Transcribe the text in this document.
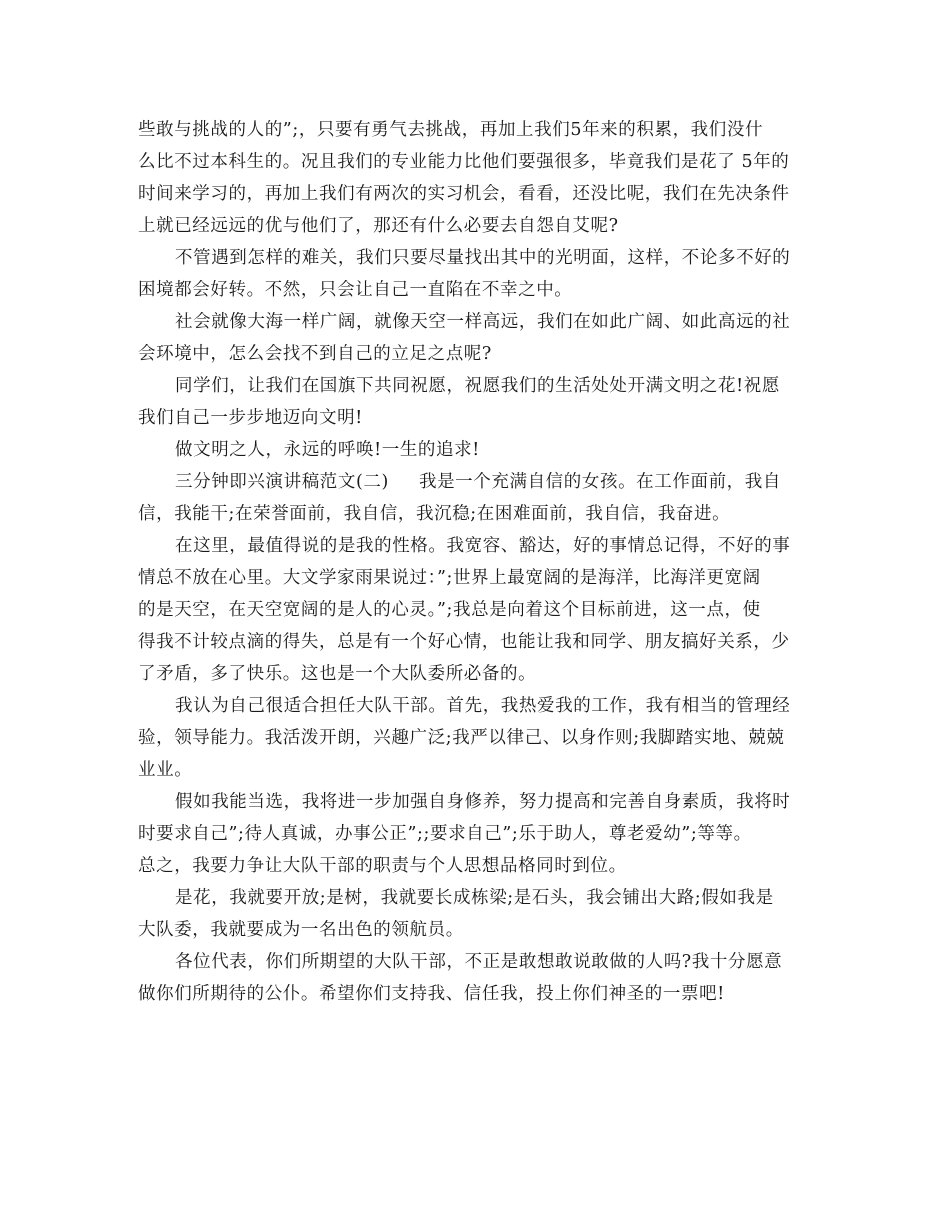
些敢与挑战的人的”;，只要有勇气去挑战，再加上我们5年来的积累，我们没什
么比不过本科生的。况且我们的专业能力比他们要强很多，毕竟我们是花了 5年的
时间来学习的，再加上我们有两次的实习机会，看看，还没比呢，我们在先决条件
上就已经远远的优与他们了，那还有什么必要去自怨自艾呢?
不管遇到怎样的难关，我们只要尽量找出其中的光明面，这样，不论多不好的
困境都会好转。不然，只会让自己一直陷在不幸之中。
社会就像大海一样广阔，就像天空一样高远，我们在如此广阔、如此高远的社
会环境中，怎么会找不到自己的立足之点呢?
同学们，让我们在国旗下共同祝愿，祝愿我们的生活处处开满文明之花!祝愿
我们自己一步步地迈向文明!
做文明之人，永远的呼唤!一生的追求!
三分钟即兴演讲稿范文(二) 我是一个充满自信的女孩。在工作面前，我自
信，我能干;在荣誉面前，我自信，我沉稳;在困难面前，我自信，我奋进。
在这里，最值得说的是我的性格。我宽容、豁达，好的事情总记得，不好的事
情总不放在心里。大文学家雨果说过：”;世界上最宽阔的是海洋，比海洋更宽阔
的是天空，在天空宽阔的是人的心灵。”;我总是向着这个目标前进，这一点，使
得我不计较点滴的得失，总是有一个好心情，也能让我和同学、朋友搞好关系，少
了矛盾，多了快乐。这也是一个大队委所必备的。
我认为自己很适合担任大队干部。首先，我热爱我的工作，我有相当的管理经
验，领导能力。我活泼开朗，兴趣广泛;我严以律己、以身作则;我脚踏实地、兢兢
业业。
假如我能当选，我将进一步加强自身修养，努力提高和完善自身素质，我将时
时要求自己”;待人真诚，办事公正”;;要求自己”;乐于助人，尊老爱幼”;等等。
总之，我要力争让大队干部的职责与个人思想品格同时到位。
是花，我就要开放;是树，我就要长成栋梁;是石头，我会铺出大路;假如我是
大队委，我就要成为一名出色的领航员。
各位代表，你们所期望的大队干部，不正是敢想敢说敢做的人吗?我十分愿意
做你们所期待的公仆。希望你们支持我、信任我，投上你们神圣的一票吧!
